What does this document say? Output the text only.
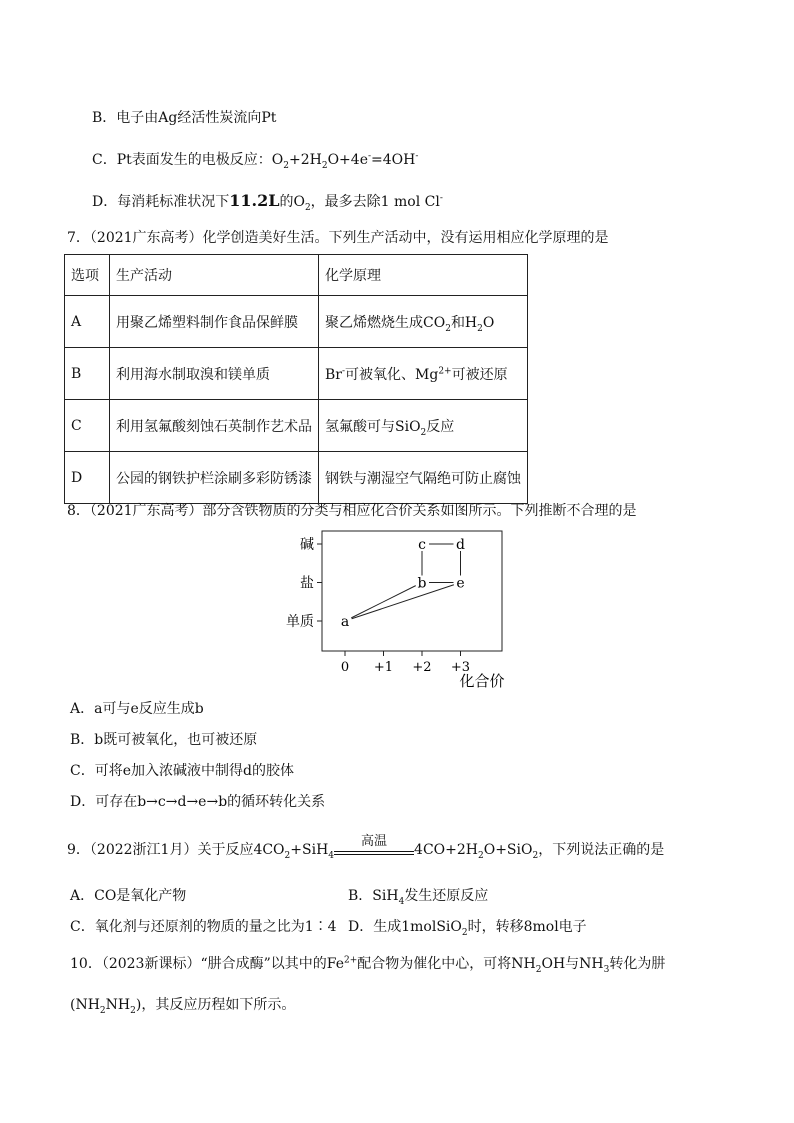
B．电子由Ag经活性炭流向Pt
C．Pt表面发生的电极反应：$O_2+2H_2O+4e^-=4OH^-$
D．每消耗标准状况下11.2L的$O_2$，最多去除1 mol Cl-
7．（2021广东高考）化学创造美好生活。下列生产活动中，没有运用相应化学原理的是
选项	生产活动	化学原理
A	用聚乙烯塑料制作食品保鲜膜	聚乙烯燃烧生成$CO_2$和$H_2O$
B	利用海水制取溴和镁单质	Br-可被氧化、$Mg^{2+}$可被还原
C	利用氢氟酸刻蚀石英制作艺术品	氢氟酸可与SiO$_2$反应
D	公园的钢铁护栏涂刷多彩防锈漆	钢铁与潮湿空气隔绝可防止腐蚀
8．（2021广东高考）部分含铁物质的分类与相应化合价关系如图所示。下列推断不合理的是
0 +1 +2 +3
单质
盐
碱
a
b e
c d
化合价
A．a可与e反应生成b
B．b既可被氧化，也可被还原
C．可将e加入浓碱液中制得d的胶体
D．可存在b→c→d→e→b的循环转化关系
9．（2022浙江1月）关于反应$4CO_2+SiH_4$
高温
$4CO+2H_2O+SiO_2$，下列说法正确的是
A．CO是氧化产物	B．SiH$_4$发生还原反应
C．氧化剂与还原剂的物质的量之比为1∶4 D．生成1molSiO$_2$时，转移8mol电子
10．（2023新课标）“肼合成酶”以其中的$Fe^{2+}$配合物为催化中心，可将$NH_2OH$与$NH_3$转化为肼
$(NH_2NH_2)$，其反应历程如下所示。
